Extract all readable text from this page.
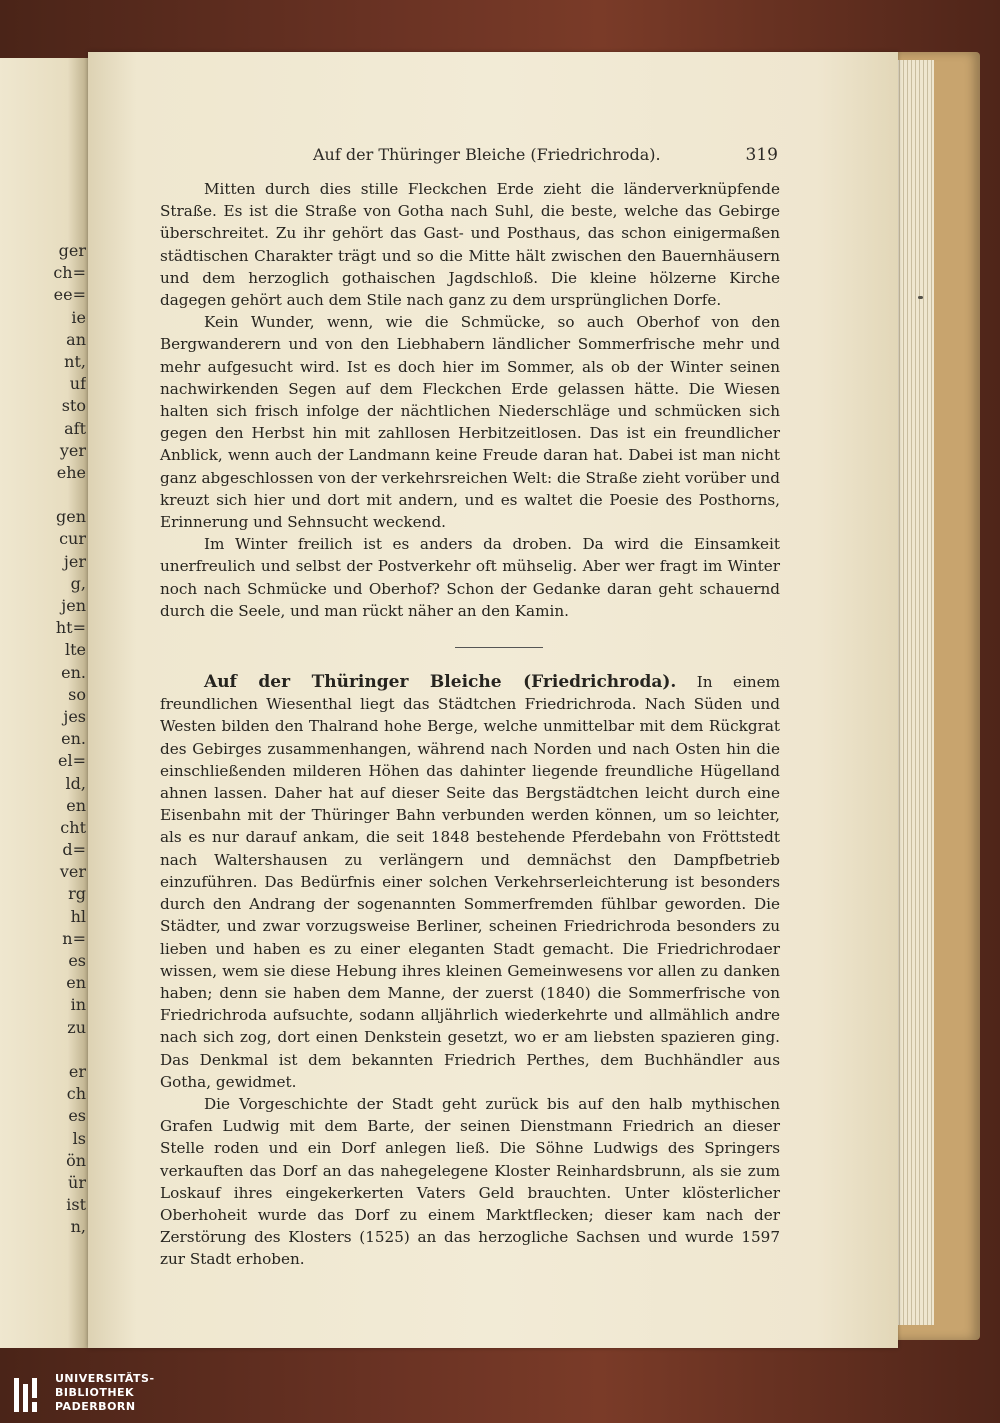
ger
ch=
ee=
ie
an
nt,
uf
sto
aft
yer
ehe
gen
cur
jer
g,
jen
ht=
lte
en.
so
jes
en.
el=
ld,
en
cht
d=
ver
rg
hl
n=
es
en
in
zu
er
ch
es
ls
ön
ür
ist
n,
Auf der Thüringer Bleiche (Friedrichroda).	319

Mitten durch dies stille Fleckchen Erde zieht die länderverknüpfende Straße. Es ist die Straße von Gotha nach Suhl, die beste, welche das Gebirge überschreitet. Zu ihr gehört das Gast- und Posthaus, das schon einigermaßen städtischen Charakter trägt und so die Mitte hält zwischen den Bauernhäusern und dem herzoglich gothaischen Jagdschloß. Die kleine hölzerne Kirche dagegen gehört auch dem Stile nach ganz zu dem ursprünglichen Dorfe.

Kein Wunder, wenn, wie die Schmücke, so auch Oberhof von den Bergwanderern und von den Liebhabern ländlicher Sommerfrische mehr und mehr aufgesucht wird. Ist es doch hier im Sommer, als ob der Winter seinen nachwirkenden Segen auf dem Fleckchen Erde gelassen hätte. Die Wiesen halten sich frisch infolge der nächtlichen Niederschläge und schmücken sich gegen den Herbst hin mit zahllosen Herbitzeitlosen. Das ist ein freundlicher Anblick, wenn auch der Landmann keine Freude daran hat. Dabei ist man nicht ganz abgeschlossen von der verkehrsreichen Welt: die Straße zieht vorüber und kreuzt sich hier und dort mit andern, und es waltet die Poesie des Posthorns, Erinnerung und Sehnsucht weckend.

Im Winter freilich ist es anders da droben. Da wird die Einsamkeit unerfreulich und selbst der Postverkehr oft mühselig. Aber wer fragt im Winter noch nach Schmücke und Oberhof? Schon der Gedanke daran geht schauernd durch die Seele, und man rückt näher an den Kamin.

Auf der Thüringer Bleiche (Friedrichroda). In einem freundlichen Wiesenthal liegt das Städtchen Friedrichroda. Nach Süden und Westen bilden den Thalrand hohe Berge, welche unmittelbar mit dem Rückgrat des Gebirges zusammenhangen, während nach Norden und nach Osten hin die einschließenden milderen Höhen das dahinter liegende freundliche Hügelland ahnen lassen. Daher hat auf dieser Seite das Bergstädtchen leicht durch eine Eisenbahn mit der Thüringer Bahn verbunden werden können, um so leichter, als es nur darauf ankam, die seit 1848 bestehende Pferdebahn von Fröttstedt nach Waltershausen zu verlängern und demnächst den Dampfbetrieb einzuführen. Das Bedürfnis einer solchen Verkehrserleichterung ist besonders durch den Andrang der sogenannten Sommerfremden fühlbar geworden. Die Städter, und zwar vorzugsweise Berliner, scheinen Friedrichroda besonders zu lieben und haben es zu einer eleganten Stadt gemacht. Die Friedrichrodaer wissen, wem sie diese Hebung ihres kleinen Gemeinwesens vor allen zu danken haben; denn sie haben dem Manne, der zuerst (1840) die Sommerfrische von Friedrichroda aufsuchte, sodann alljährlich wiederkehrte und allmählich andre nach sich zog, dort einen Denkstein gesetzt, wo er am liebsten spazieren ging. Das Denkmal ist dem bekannten Friedrich Perthes, dem Buchhändler aus Gotha, gewidmet.

Die Vorgeschichte der Stadt geht zurück bis auf den halb mythischen Grafen Ludwig mit dem Barte, der seinen Dienstmann Friedrich an dieser Stelle roden und ein Dorf anlegen ließ. Die Söhne Ludwigs des Springers verkauften das Dorf an das nahegelegene Kloster Reinhardsbrunn, als sie zum Loskauf ihres eingekerkerten Vaters Geld brauchten. Unter klösterlicher Oberhoheit wurde das Dorf zu einem Marktflecken; dieser kam nach der Zerstörung des Klosters (1525) an das herzogliche Sachsen und wurde 1597 zur Stadt erhoben.

UNIVERSITÄTS-
BIBLIOTHEK
PADERBORN
